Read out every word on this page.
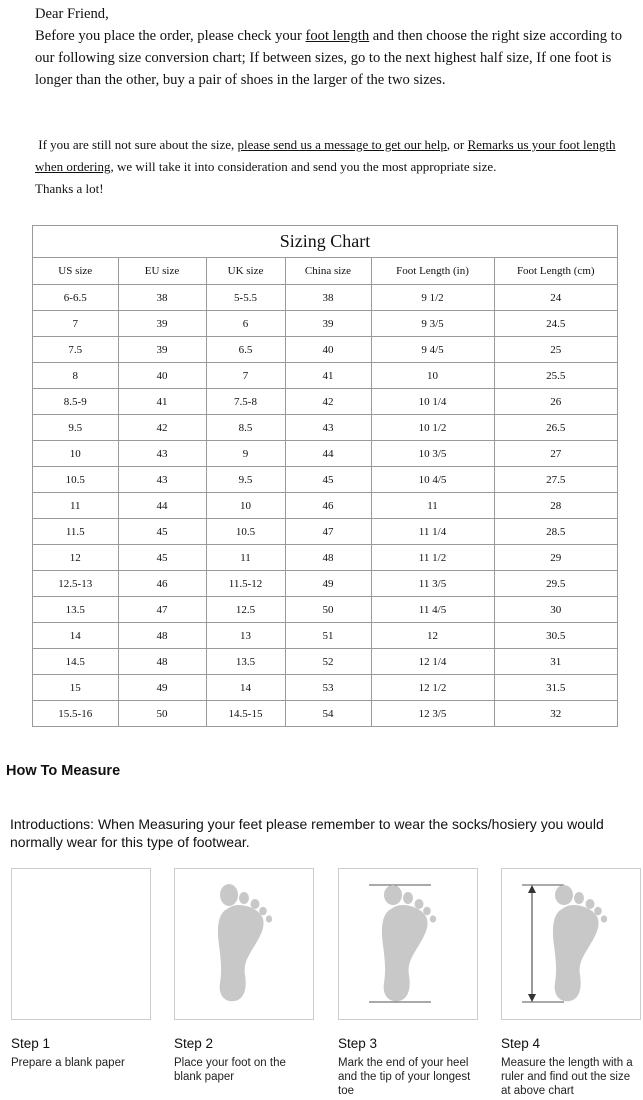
Dear Friend,

Before you place the order, please check your foot length and then choose the right size according to our following size conversion chart; If between sizes, go to the next highest half size, If one foot is longer than the other, buy a pair of shoes in the larger of the two sizes.

If you are still not sure about the size, please send us a message to get our help, or Remarks us your foot length when ordering, we will take it into consideration and send you the most appropriate size.
Thanks a lot!
Sizing Chart
US size	EU size	UK size	China size	Foot Length (in)	Foot Length (cm)
6-6.5	38	5-5.5	38	9 1/2	24
7	39	6	39	9 3/5	24.5
7.5	39	6.5	40	9 4/5	25
8	40	7	41	10	25.5
8.5-9	41	7.5-8	42	10 1/4	26
9.5	42	8.5	43	10 1/2	26.5
10	43	9	44	10 3/5	27
10.5	43	9.5	45	10 4/5	27.5
11	44	10	46	11	28
11.5	45	10.5	47	11 1/4	28.5
12	45	11	48	11 1/2	29
12.5-13	46	11.5-12	49	11 3/5	29.5
13.5	47	12.5	50	11 4/5	30
14	48	13	51	12	30.5
14.5	48	13.5	52	12 1/4	31
15	49	14	53	12 1/2	31.5
15.5-16	50	14.5-15	54	12 3/5	32
How To Measure
Introductions: When Measuring your feet please remember to wear the socks/hosiery you would normally wear for this type of footwear.
Step 1
Prepare a blank paper
Step 2
Place your foot on the blank paper
Step 3
Mark the end of your heel and the tip of your longest toe
Step 4
Measure the length with a ruler and find out the size at above chart
